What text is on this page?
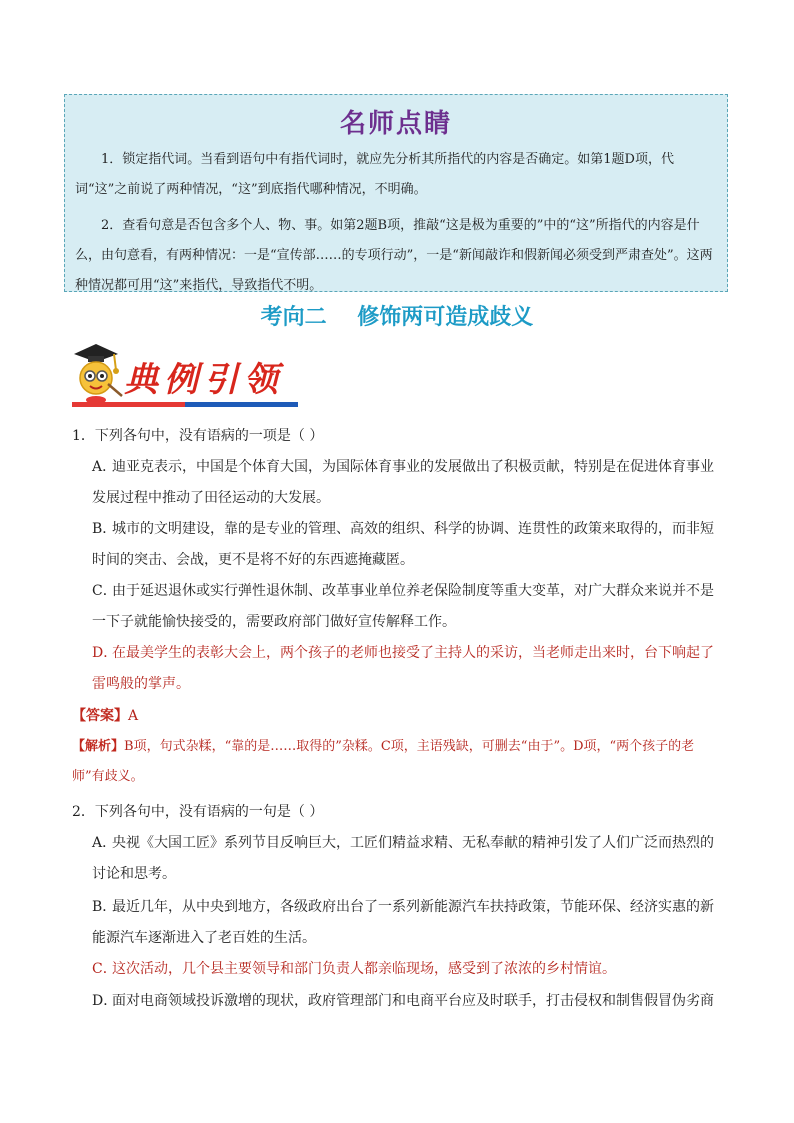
名师点睛
1．锁定指代词。当看到语句中有指代词时，就应先分析其所指代的内容是否确定。如第1题D项，代词“这”之前说了两种情况，“这”到底指代哪种情况，不明确。
2．查看句意是否包含多个人、物、事。如第2题B项，推敲“这是极为重要的”中的“这”所指代的内容是什么，由句意看，有两种情况：一是“宣传部……的专项行动”，一是“新闻敲诈和假新闻必须受到严肃查处”。这两种情况都可用“这”来指代，导致指代不明。
考向二    修饰两可造成歧义
典例引领
1．下列各句中，没有语病的一项是（ ）
A．迪亚克表示，中国是个体育大国，为国际体育事业的发展做出了积极贡献，特别是在促进体育事业发展过程中推动了田径运动的大发展。
B．城市的文明建设，靠的是专业的管理、高效的组织、科学的协调、连贯性的政策来取得的，而非短时间的突击、会战，更不是将不好的东西遮掩藏匿。
C．由于延迟退休或实行弹性退休制、改革事业单位养老保险制度等重大变革，对广大群众来说并不是一下子就能愉快接受的，需要政府部门做好宣传解释工作。
D．在最美学生的表彰大会上，两个孩子的老师也接受了主持人的采访，当老师走出来时，台下响起了雷鸣般的掌声。
【答案】A
【解析】B项，句式杂糅，“靠的是……取得的”杂糅。C项，主语残缺，可删去“由于”。D项，“两个孩子的老师”有歧义。
2．下列各句中，没有语病的一句是（ ）
A．央视《大国工匠》系列节目反响巨大，工匠们精益求精、无私奉献的精神引发了人们广泛而热烈的讨论和思考。
B．最近几年，从中央到地方，各级政府出台了一系列新能源汽车扶持政策，节能环保、经济实惠的新能源汽车逐渐进入了老百姓的生活。
C．这次活动，几个县主要领导和部门负责人都亲临现场，感受到了浓浓的乡村情谊。
D．面对电商领域投诉激增的现状，政府管理部门和电商平台应及时联手，打击侵权和制售假冒伪劣商
